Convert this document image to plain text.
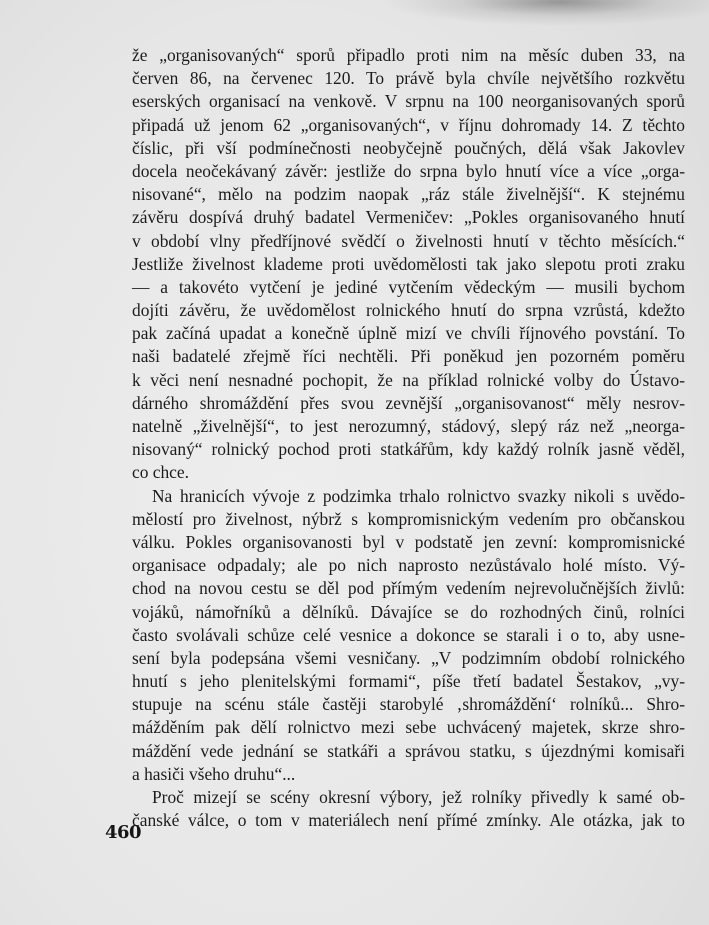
že „organisovaných“ sporů připadlo proti nim na měsíc duben 33, na
červen 86, na červenec 120. To právě byla chvíle největšího rozkvětu
eserských organisací na venkově. V srpnu na 100 neorganisovaných sporů
připadá už jenom 62 „organisovaných“, v říjnu dohromady 14. Z těchto
číslic, při vší podmínečnosti neobyčejně poučných, dělá však Jakovlev
docela neočekávaný závěr: jestliže do srpna bylo hnutí více a více „orga-
nisované“, mělo na podzim naopak „ráz stále živelnější“. K stejnému
závěru dospívá druhý badatel Vermeničev: „Pokles organisovaného hnutí
v období vlny předříjnové svědčí o živelnosti hnutí v těchto měsících.“
Jestliže živelnost klademe proti uvědomělosti tak jako slepotu proti zraku
— a takovéto vytčení je jediné vytčením vědeckým — musili bychom
dojíti závěru, že uvědomělost rolnického hnutí do srpna vzrůstá, kdežto
pak začíná upadat a konečně úplně mizí ve chvíli říjnového povstání. To
naši badatelé zřejmě říci nechtěli. Při poněkud jen pozorném poměru
k věci není nesnadné pochopit, že na příklad rolnické volby do Ústavo-
dárného shromáždění přes svou zevnější „organisovanost“ měly nesrov-
natelně „živelnější“, to jest nerozumný, stádový, slepý ráz než „neorga-
nisovaný“ rolnický pochod proti statkářům, kdy každý rolník jasně věděl,
co chce.
Na hranicích vývoje z podzimka trhalo rolnictvo svazky nikoli s uvědo-
mělostí pro živelnost, nýbrž s kompromisnickým vedením pro občanskou
válku. Pokles organisovanosti byl v podstatě jen zevní: kompromisnické
organisace odpadaly; ale po nich naprosto nezůstávalo holé místo. Vý-
chod na novou cestu se děl pod přímým vedením nejrevolučnějších živlů:
vojáků, námořníků a dělníků. Dávajíce se do rozhodných činů, rolníci
často svolávali schůze celé vesnice a dokonce se starali i o to, aby usne-
sení byla podepsána všemi vesničany. „V podzimním období rolnického
hnutí s jeho plenitelskými formami“, píše třetí badatel Šestakov, „vy-
stupuje na scénu stále častěji starobylé ‚shromáždění‘ rolníků... Shro-
mážděním pak dělí rolnictvo mezi sebe uchvácený majetek, skrze shro-
máždění vede jednání se statkáři a správou statku, s újezdnými komisaři
a hasiči všeho druhu“...
Proč mizejí se scény okresní výbory, jež rolníky přivedly k samé ob-
čanské válce, o tom v materiálech není přímé zmínky. Ale otázka, jak to
460
